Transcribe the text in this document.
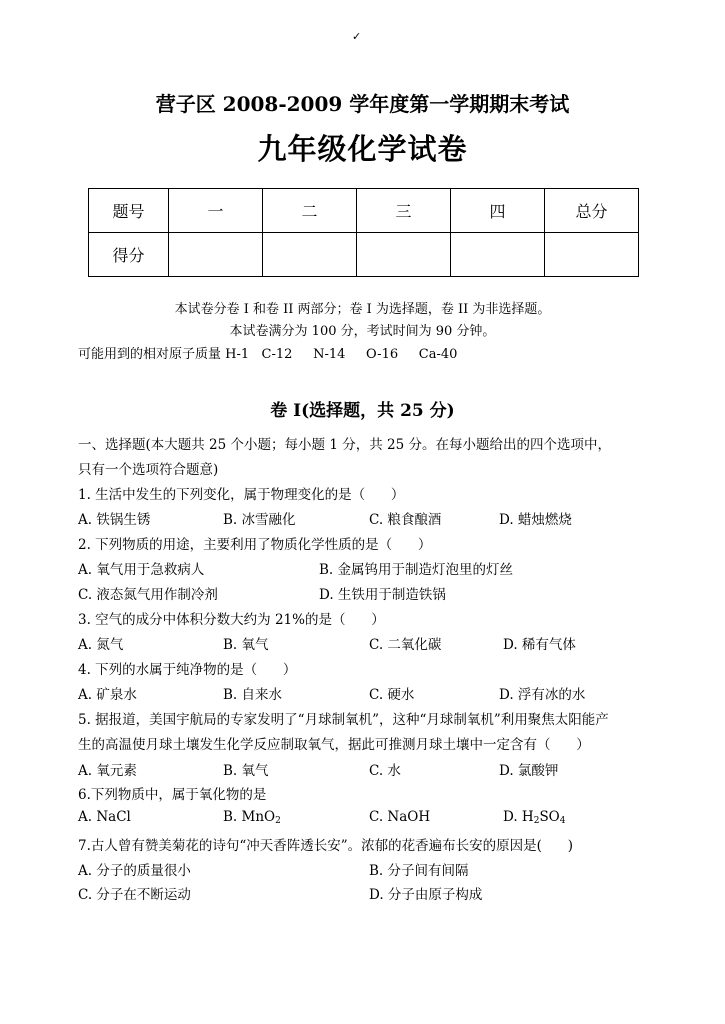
✓
营子区 2008-2009 学年度第一学期期末考试
九年级化学试卷
题号	一	二	三	四	总分
得分					
本试卷分卷 I 和卷 II 两部分；卷 I 为选择题，卷 II 为非选择题。
本试卷满分为 100 分，考试时间为 90 分钟。
可能用到的相对原子质量 H-1   C-12     N-14     O-16     Ca-40
卷 I(选择题，共 25 分)
一、选择题(本大题共 25 个小题；每小题 1 分，共 25 分。在每小题给出的四个选项中，
只有一个选项符合题意)
1. 生活中发生的下列变化，属于物理变化的是（      ）
A. 铁锅生锈	B. 冰雪融化	C. 粮食酿酒	D. 蜡烛燃烧
2. 下列物质的用途，主要利用了物质化学性质的是（      ）
A. 氧气用于急救病人	B. 金属钨用于制造灯泡里的灯丝
C. 液态氮气用作制冷剂	D. 生铁用于制造铁锅
3. 空气的成分中体积分数大约为 21%的是（      ）
A. 氮气	B. 氧气	C. 二氧化碳	D. 稀有气体
4. 下列的水属于纯净物的是（      ）
A. 矿泉水	B. 自来水	C. 硬水	D. 浮有冰的水
5. 据报道，美国宇航局的专家发明了“月球制氧机”，这种“月球制氧机”利用聚焦太阳能产
生的高温使月球土壤发生化学反应制取氧气，据此可推测月球土壤中一定含有（      ）
A. 氧元素	B. 氧气	C. 水	D. 氯酸钾
6.下列物质中，属于氧化物的是
A. NaCl	B. MnO$_2$	C. NaOH	D. $H_2SO_4$
7.古人曾有赞美菊花的诗句“冲天香阵透长安”。浓郁的花香遍布长安的原因是(      )
A. 分子的质量很小	B. 分子间有间隔
C. 分子在不断运动	D. 分子由原子构成
